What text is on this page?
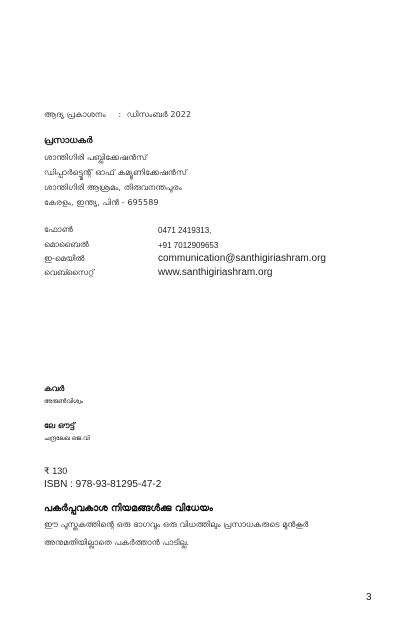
ആദ്യ പ്രകാശനം : ഡിസംബർ 2022
പ്രസാധകർ
ശാന്തിഗിരി പബ്ലിക്കേഷൻസ്
ഡിപ്പാർട്ട്മെന്റ് ഓഫ് കമ്യൂണിക്കേഷൻസ്
ശാന്തിഗിരി ആശ്രമം, തിരുവനന്തപുരം
കേരളം, ഇന്ത്യ, പിൻ - 695589
ഫോൺ	0471 2419313,
മൊബൈൽ	+91 7012909653
ഇ-മെയിൽ	communication@santhigiriashram.org
വെബ്സൈറ്റ്	www.santhigiriashram.org
കവർ
അരുൺവിശ്വം
ലേ ഔട്ട്
ചന്ദ്രലേഖ ജെ.വി
₹ 130
ISBN : 978-93-81295-47-2
പകർപ്പവകാശ നിയമങ്ങൾക്കു വിധേയം
ഈ പുസ്തകത്തിന്റെ ഒരു ഭാഗവും ഒരു വിധത്തിലും പ്രസാധകരുടെ മുൻകൂർ
അനുമതിയില്ലാതെ പകർത്താൻ പാടില്ല.
3
